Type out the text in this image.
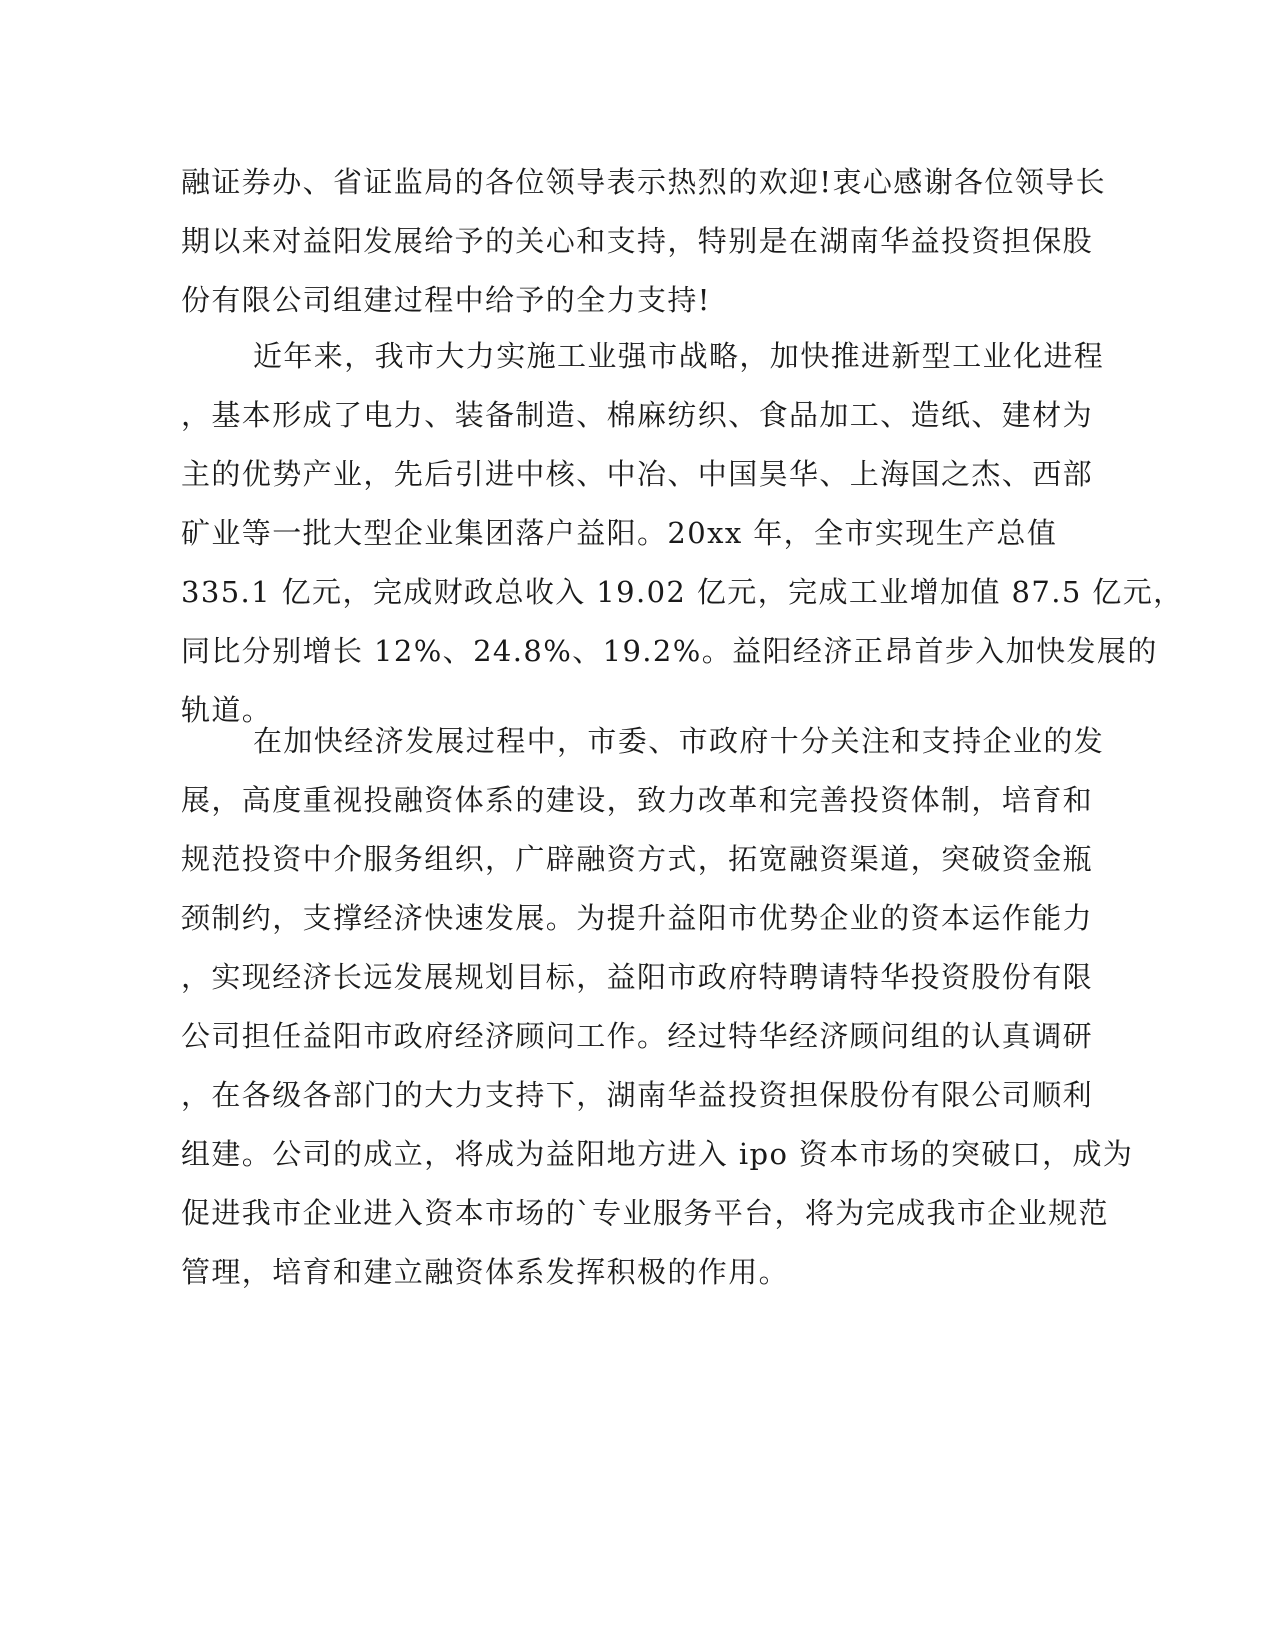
融证券办、省证监局的各位领导表示热烈的欢迎!衷心感谢各位领导长
期以来对益阳发展给予的关心和支持，特别是在湖南华益投资担保股
份有限公司组建过程中给予的全力支持!
近年来，我市大力实施工业强市战略，加快推进新型工业化进程
，基本形成了电力、装备制造、棉麻纺织、食品加工、造纸、建材为
主的优势产业，先后引进中核、中冶、中国昊华、上海国之杰、西部
矿业等一批大型企业集团落户益阳。20xx 年，全市实现生产总值
335.1 亿元，完成财政总收入 19.02 亿元，完成工业增加值 87.5 亿元，
同比分别增长 12%、24.8%、19.2%。益阳经济正昂首步入加快发展的
轨道。
在加快经济发展过程中，市委、市政府十分关注和支持企业的发
展，高度重视投融资体系的建设，致力改革和完善投资体制，培育和
规范投资中介服务组织，广辟融资方式，拓宽融资渠道，突破资金瓶
颈制约，支撑经济快速发展。为提升益阳市优势企业的资本运作能力
，实现经济长远发展规划目标，益阳市政府特聘请特华投资股份有限
公司担任益阳市政府经济顾问工作。经过特华经济顾问组的认真调研
，在各级各部门的大力支持下，湖南华益投资担保股份有限公司顺利
组建。公司的成立，将成为益阳地方进入 ipo 资本市场的突破口，成为
促进我市企业进入资本市场的`专业服务平台，将为完成我市企业规范
管理，培育和建立融资体系发挥积极的作用。
